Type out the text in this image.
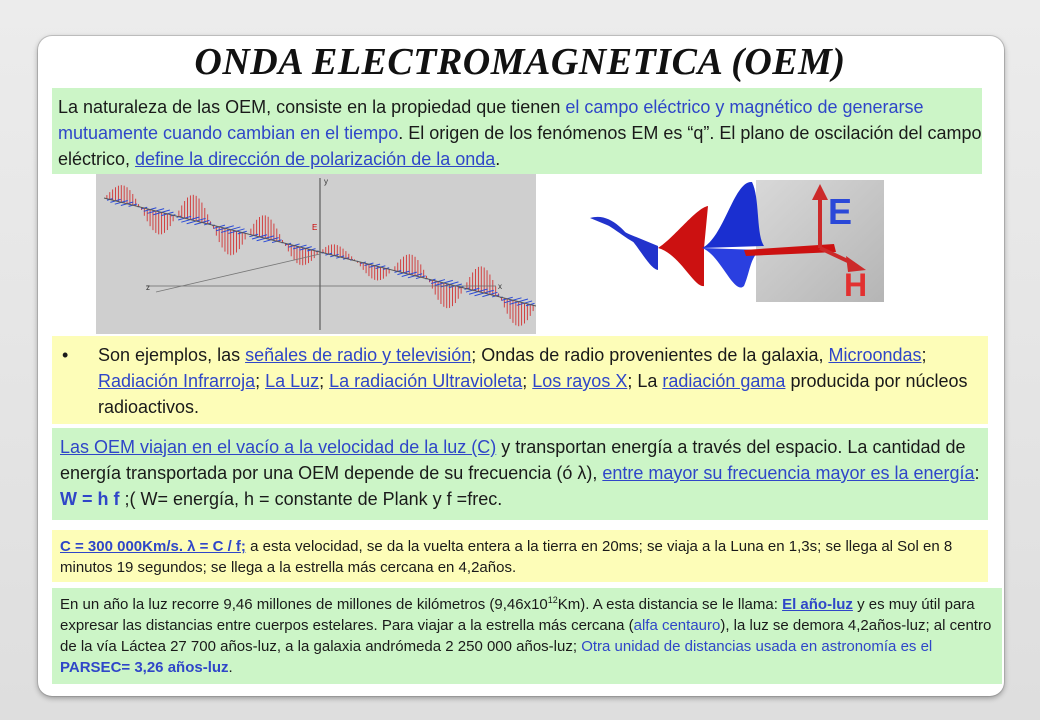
ONDA ELECTROMAGNETICA (OEM)
La naturaleza de las OEM, consiste en la propiedad que tienen el campo eléctrico y magnético de generarse mutuamente cuando cambian en el tiempo. El origen de los fenómenos EM es “q”. El plano de oscilación del campo eléctrico, define la dirección de polarización de la onda.
y
x
z
E	E
H
• Son ejemplos, las señales de radio y televisión; Ondas de radio provenientes de la galaxia, Microondas; Radiación Infrarroja; La Luz; La radiación Ultravioleta; Los rayos X; La radiación gama producida por núcleos radioactivos.
Las OEM viajan en el vacío a la velocidad de la luz (C) y transportan energía a través del espacio. La cantidad de energía transportada por una OEM depende de su frecuencia (ó λ), entre mayor su frecuencia mayor es la energía: W = h f ;( W= energía, h = constante de Plank y f =frec.
C = 300 000Km/s. λ = C / f; a esta velocidad, se da la vuelta entera a la tierra en 20ms; se viaja a la Luna en 1,3s; se llega al Sol en 8 minutos 19 segundos; se llega a la estrella más cercana en 4,2años.
En un año la luz recorre 9,46 millones de millones de kilómetros $(9,46x10^{12}Km)$. A esta distancia se le llama: El año-luz y es muy útil para expresar las distancias entre cuerpos estelares. Para viajar a la estrella más cercana (alfa centauro), la luz se demora 4,2años-luz; al centro de la vía Láctea 27 700 años-luz, a la galaxia andrómeda 2 250 000 años-luz; Otra unidad de distancias usada en astronomía es el PARSEC= 3,26 años-luz.
